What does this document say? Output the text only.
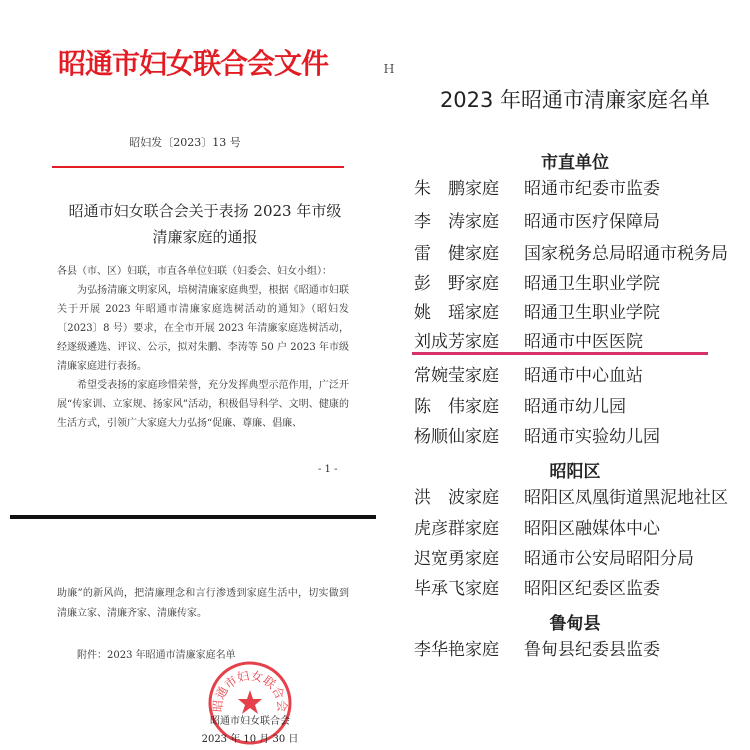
昭通市妇女联合会文件
昭妇发〔2023〕13 号
昭通市妇女联合会关于表扬 2023 年市级
清廉家庭的通报

各县（市、区）妇联，市直各单位妇联（妇委会、妇女小组）：

为弘扬清廉文明家风，培树清廉家庭典型，根据《昭通市妇联关于开展 2023 年昭通市清廉家庭选树活动的通知》（昭妇发〔2023〕8 号）要求，在全市开展 2023 年清廉家庭选树活动，经逐级遴选、评议、公示，拟对朱鹏、李涛等 50 户 2023 年市级清廉家庭进行表扬。

希望受表扬的家庭珍惜荣誉，充分发挥典型示范作用，广泛开展“传家训、立家规、扬家风”活动，积极倡导科学、文明、健康的生活方式，引领广大家庭大力弘扬“促廉、尊廉、倡廉、

- 1 -

助廉”的新风尚，把清廉理念和言行渗透到家庭生活中，切实做到清廉立家、清廉齐家、清廉传家。

附件：2023 年昭通市清廉家庭名单
昭通市妇女联合会
昭通市妇女联合会
2023 年 10 月 30 日
Ｈ
2023 年昭通市清廉家庭名单
市直单位
朱　鹏家庭 昭通市纪委市监委
李　涛家庭 昭通市医疗保障局
雷　健家庭 国家税务总局昭通市税务局
彭　野家庭 昭通卫生职业学院
姚　瑶家庭 昭通卫生职业学院
刘成芳家庭 昭通市中医医院
常婉莹家庭 昭通市中心血站
陈　伟家庭 昭通市幼儿园
杨顺仙家庭 昭通市实验幼儿园
昭阳区
洪　波家庭 昭阳区凤凰街道黑泥地社区
虎彦群家庭 昭阳区融媒体中心
迟宽勇家庭 昭通市公安局昭阳分局
毕承飞家庭 昭阳区纪委区监委
鲁甸县
李华艳家庭 鲁甸县纪委县监委
